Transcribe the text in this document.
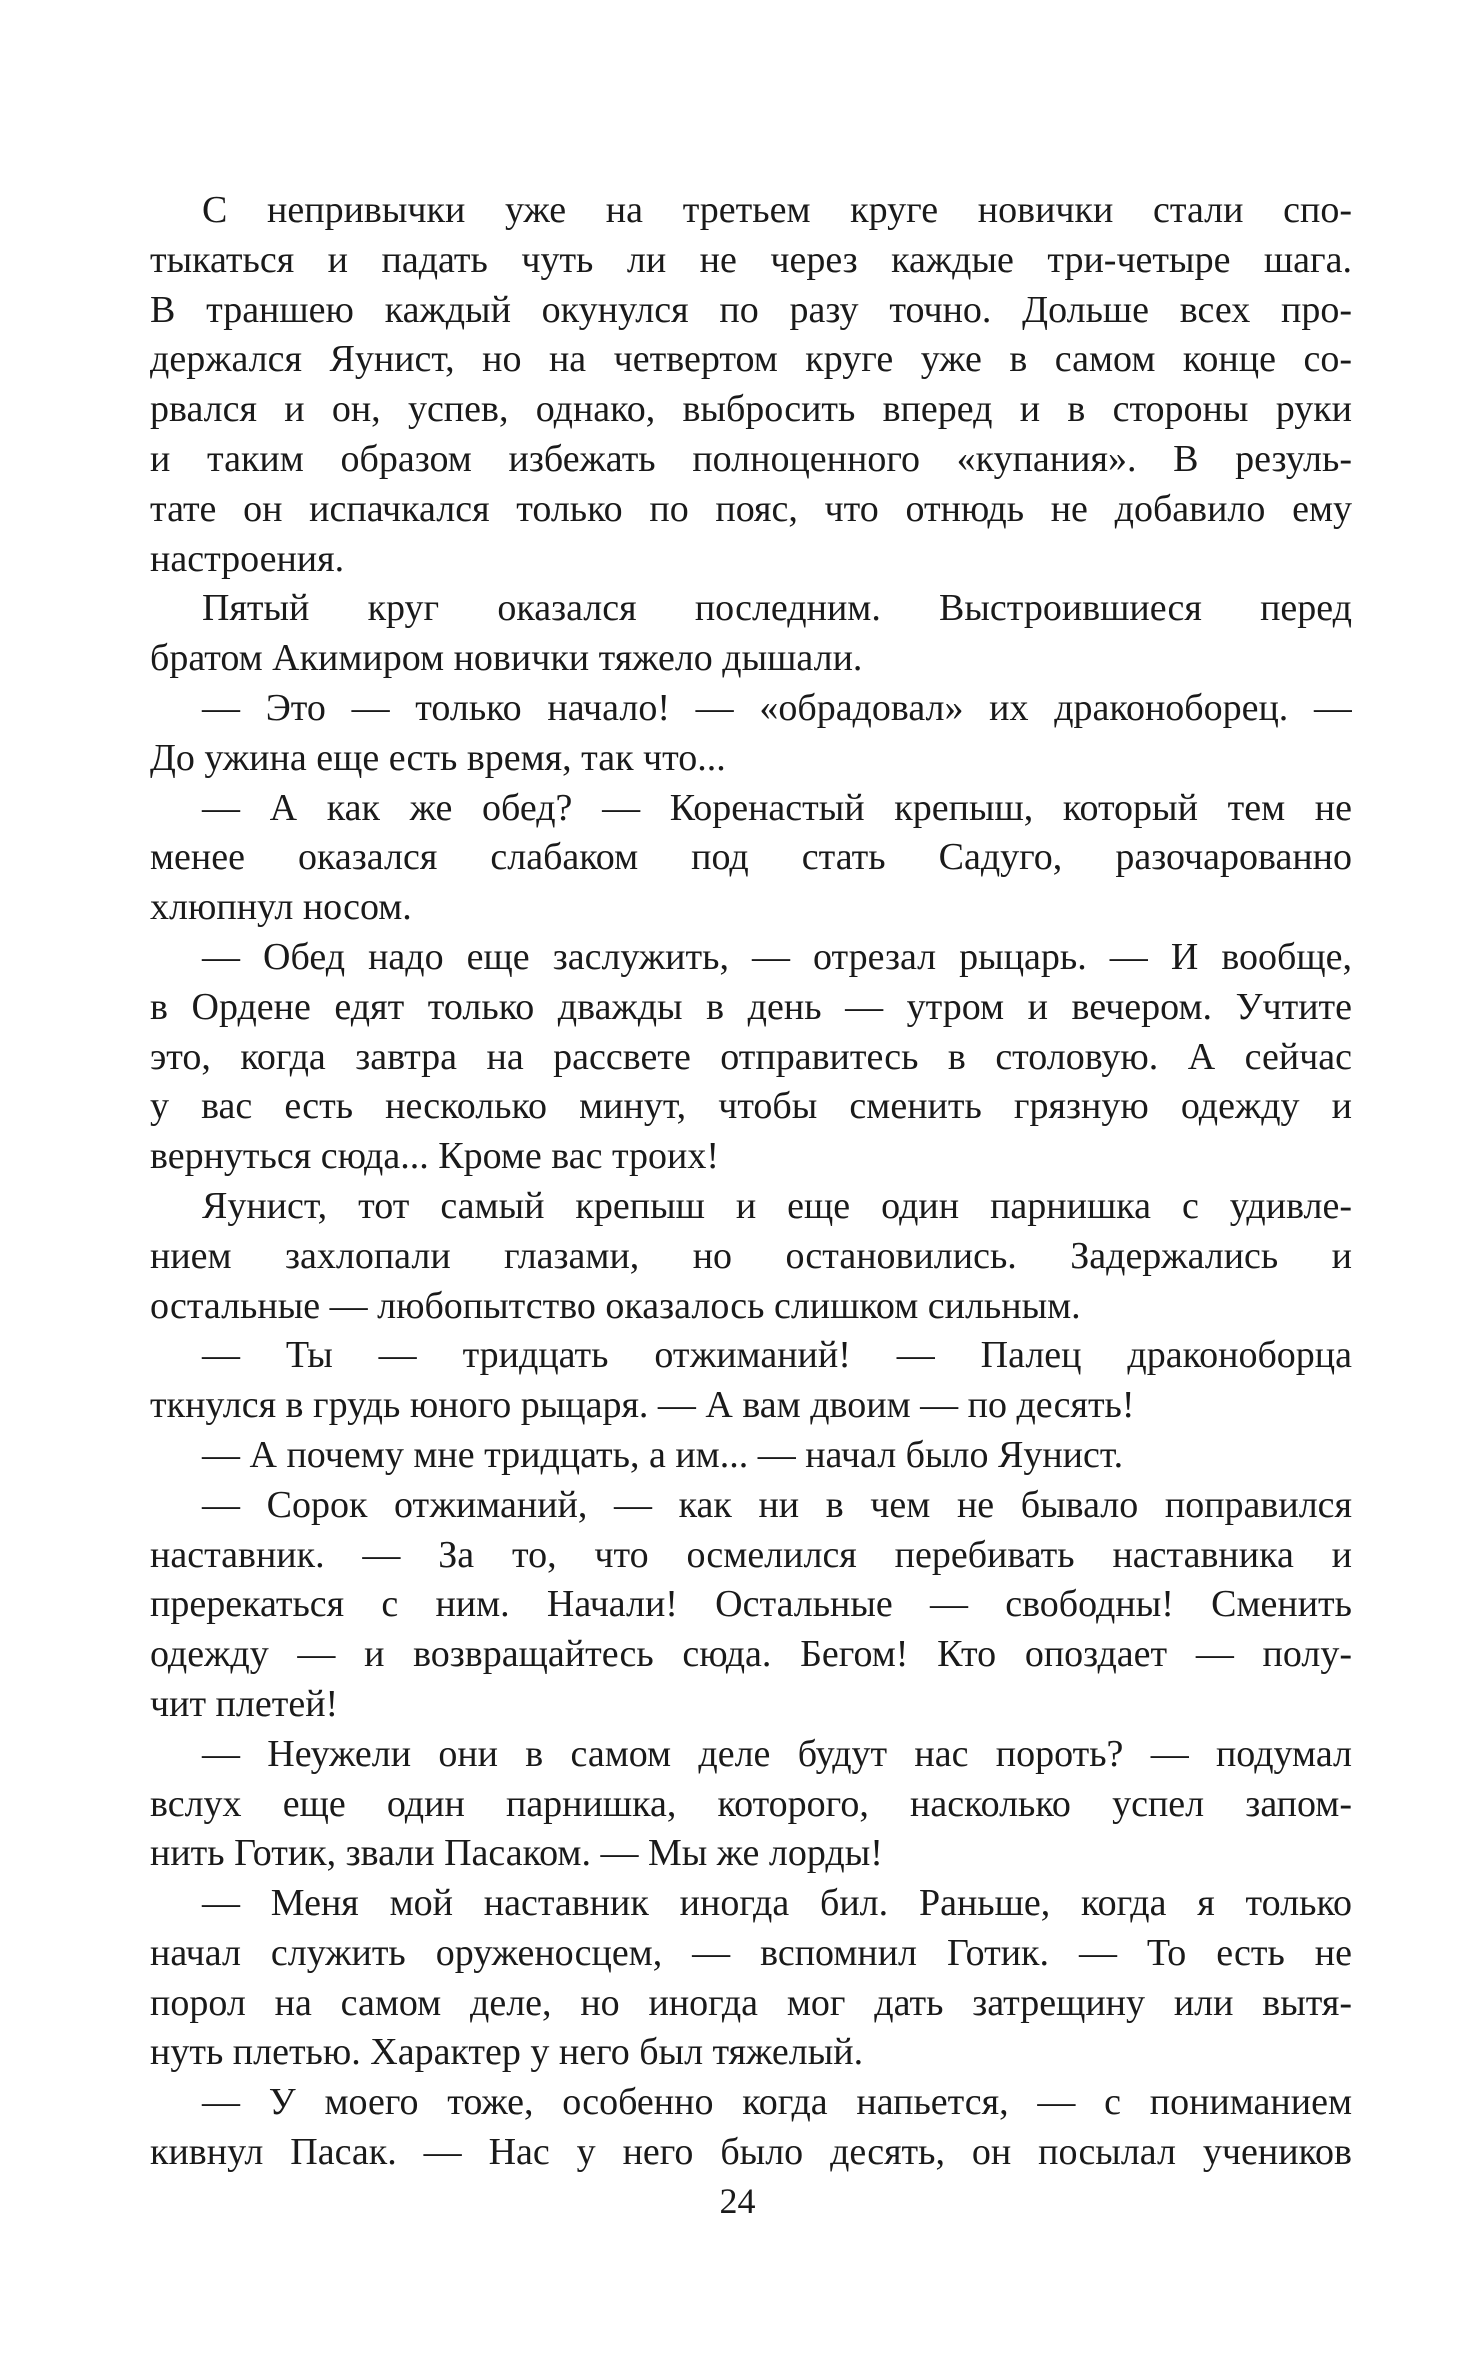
С непривычки уже на третьем круге новички стали спо-
тыкаться и падать чуть ли не через каждые три-четыре шага.
В траншею каждый окунулся по разу точно. Дольше всех про-
держался Яунист, но на четвертом круге уже в самом конце со-
рвался и он, успев, однако, выбросить вперед и в стороны руки
и таким образом избежать полноценного «купания». В резуль-
тате он испачкался только по пояс, что отнюдь не добавило ему
настроения.
Пятый круг оказался последним. Выстроившиеся перед
братом Акимиром новички тяжело дышали.
— Это — только начало! — «обрадовал» их драконоборец. —
До ужина еще есть время, так что...
— А как же обед? — Коренастый крепыш, который тем не
менее оказался слабаком под стать Садуго, разочарованно
хлюпнул носом.
— Обед надо еще заслужить, — отрезал рыцарь. — И вообще,
в Ордене едят только дважды в день — утром и вечером. Учтите
это, когда завтра на рассвете отправитесь в столовую. А сейчас
у вас есть несколько минут, чтобы сменить грязную одежду и
вернуться сюда... Кроме вас троих!
Яунист, тот самый крепыш и еще один парнишка с удивле-
нием захлопали глазами, но остановились. Задержались и
остальные — любопытство оказалось слишком сильным.
— Ты — тридцать отжиманий! — Палец драконоборца
ткнулся в грудь юного рыцаря. — А вам двоим — по десять!
— А почему мне тридцать, а им... — начал было Яунист.
— Сорок отжиманий, — как ни в чем не бывало поправился
наставник. — За то, что осмелился перебивать наставника и
пререкаться с ним. Начали! Остальные — свободны! Сменить
одежду — и возвращайтесь сюда. Бегом! Кто опоздает — полу-
чит плетей!
— Неужели они в самом деле будут нас пороть? — подумал
вслух еще один парнишка, которого, насколько успел запом-
нить Готик, звали Пасаком. — Мы же лорды!
— Меня мой наставник иногда бил. Раньше, когда я только
начал служить оруженосцем, — вспомнил Готик. — То есть не
порол на самом деле, но иногда мог дать затрещину или вытя-
нуть плетью. Характер у него был тяжелый.
— У моего тоже, особенно когда напьется, — с пониманием
кивнул Пасак. — Нас у него было десять, он посылал учеников
24
